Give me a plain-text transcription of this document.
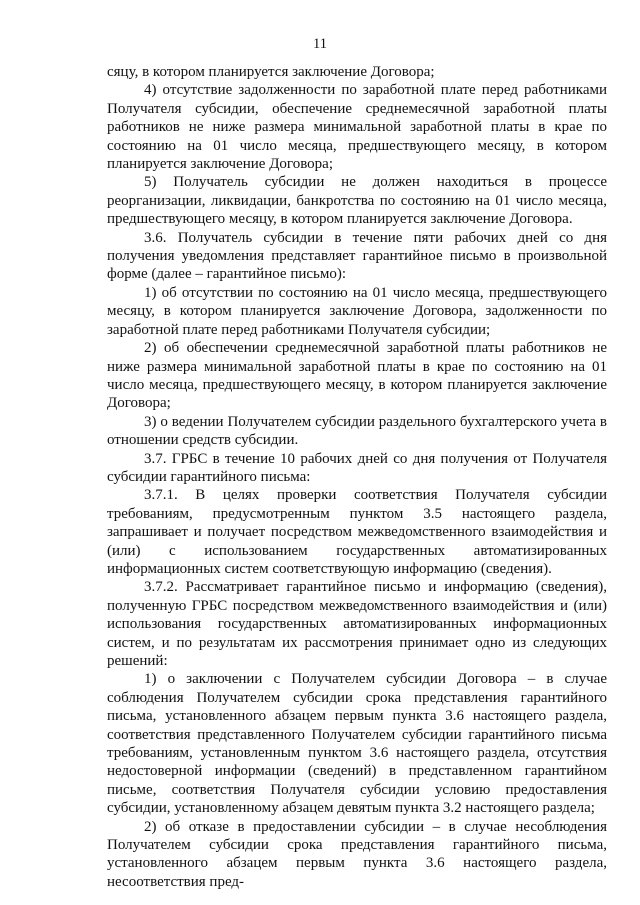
11

сяцу, в котором планируется заключение Договора;

4) отсутствие задолженности по заработной плате перед работниками Получателя субсидии, обеспечение среднемесячной заработной платы работников не ниже размера минимальной заработной платы в крае по состоянию на 01 число месяца, предшествующего месяцу, в котором планируется заключение Договора;

5) Получатель субсидии не должен находиться в процессе реорганизации, ликвидации, банкротства по состоянию на 01 число месяца, предшествующего месяцу, в котором планируется заключение Договора.

3.6. Получатель субсидии в течение пяти рабочих дней со дня получения уведомления представляет гарантийное письмо в произвольной форме (далее – гарантийное письмо):

1) об отсутствии по состоянию на 01 число месяца, предшествующего месяцу, в котором планируется заключение Договора, задолженности по заработной плате перед работниками Получателя субсидии;

2) об обеспечении среднемесячной заработной платы работников не ниже размера минимальной заработной платы в крае по состоянию на 01 число месяца, предшествующего месяцу, в котором планируется заключение Договора;

3) о ведении Получателем субсидии раздельного бухгалтерского учета в отношении средств субсидии.

3.7. ГРБС в течение 10 рабочих дней со дня получения от Получателя субсидии гарантийного письма:

3.7.1. В целях проверки соответствия Получателя субсидии требованиям, предусмотренным пунктом 3.5 настоящего раздела, запрашивает и получает посредством межведомственного взаимодействия и (или) с использованием государственных автоматизированных информационных систем соответствующую информацию (сведения).

3.7.2. Рассматривает гарантийное письмо и информацию (сведения), полученную ГРБС посредством межведомственного взаимодействия и (или) использования государственных автоматизированных информационных систем, и по результатам их рассмотрения принимает одно из следующих решений:

1) о заключении с Получателем субсидии Договора – в случае соблюдения Получателем субсидии срока представления гарантийного письма, установленного абзацем первым пункта 3.6 настоящего раздела, соответствия представленного Получателем субсидии гарантийного письма требованиям, установленным пунктом 3.6 настоящего раздела, отсутствия недостоверной информации (сведений) в представленном гарантийном письме, соответствия Получателя субсидии условию предоставления субсидии, установленному абзацем девятым пункта 3.2 настоящего раздела;

2) об отказе в предоставлении субсидии – в случае несоблюдения Получателем субсидии срока представления гарантийного письма, установленного абзацем первым пункта 3.6 настоящего раздела, несоответствия пред-
